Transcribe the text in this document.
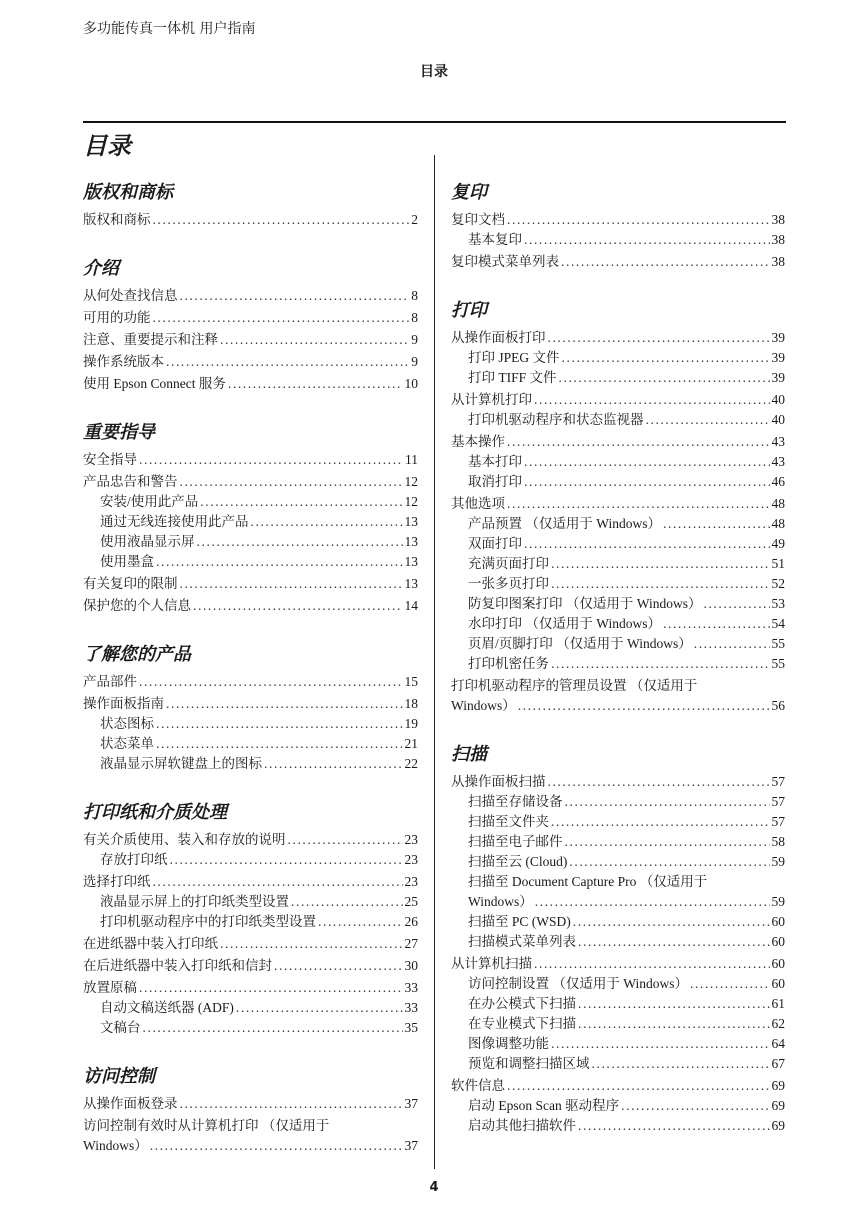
多功能传真一体机 用户指南
目录
目录
版权和商标
版权和商标 .....	2
介绍
从何处查找信息 .....	8
可用的功能 .....	8
注意、重要提示和注释 .....	9
操作系统版本 .....	9
使用 Epson Connect 服务 .....	10
重要指导
安全指导 .....	11
产品忠告和警告 .....	12
安装/使用此产品 .....	12
通过无线连接使用此产品 .....	13
使用液晶显示屏 .....	13
使用墨盒 .....	13
有关复印的限制 .....	13
保护您的个人信息 .....	14
了解您的产品
产品部件 .....	15
操作面板指南 .....	18
状态图标 .....	19
状态菜单 .....	21
液晶显示屏软键盘上的图标 .....	22
打印纸和介质处理
有关介质使用、装入和存放的说明 .....	23
存放打印纸 .....	23
选择打印纸 .....	23
液晶显示屏上的打印纸类型设置 .....	25
打印机驱动程序中的打印纸类型设置 .....	26
在进纸器中装入打印纸 .....	27
在后进纸器中装入打印纸和信封 .....	30
放置原稿 .....	33
自动文稿送纸器 (ADF) .....	33
文稿台 .....	35
访问控制
从操作面板登录 .....	37
访问控制有效时从计算机打印 （仅适用于
Windows） .....	37
复印
复印文档 .....	38
基本复印 .....	38
复印模式菜单列表 .....	38
打印
从操作面板打印 .....	39
打印 JPEG 文件 .....	39
打印 TIFF 文件 .....	39
从计算机打印 .....	40
打印机驱动程序和状态监视器 .....	40
基本操作 .....	43
基本打印 .....	43
取消打印 .....	46
其他选项 .....	48
产品预置 （仅适用于 Windows） .....	48
双面打印 .....	49
充满页面打印 .....	51
一张多页打印 .....	52
防复印图案打印 （仅适用于 Windows） .....	53
水印打印 （仅适用于 Windows） .....	54
页眉/页脚打印 （仅适用于 Windows） .....	55
打印机密任务 .....	55
打印机驱动程序的管理员设置 （仅适用于
Windows） .....	56
扫描
从操作面板扫描 .....	57
扫描至存储设备 .....	57
扫描至文件夹 .....	57
扫描至电子邮件 .....	58
扫描至云 (Cloud) .....	59
扫描至 Document Capture Pro （仅适用于
Windows） .....	59
扫描至 PC (WSD) .....	60
扫描模式菜单列表 .....	60
从计算机扫描 .....	60
访问控制设置 （仅适用于 Windows） .....	60
在办公模式下扫描 .....	61
在专业模式下扫描 .....	62
图像调整功能 .....	64
预览和调整扫描区域 .....	67
软件信息 .....	69
启动 Epson Scan 驱动程序 .....	69
启动其他扫描软件 .....	69
4
